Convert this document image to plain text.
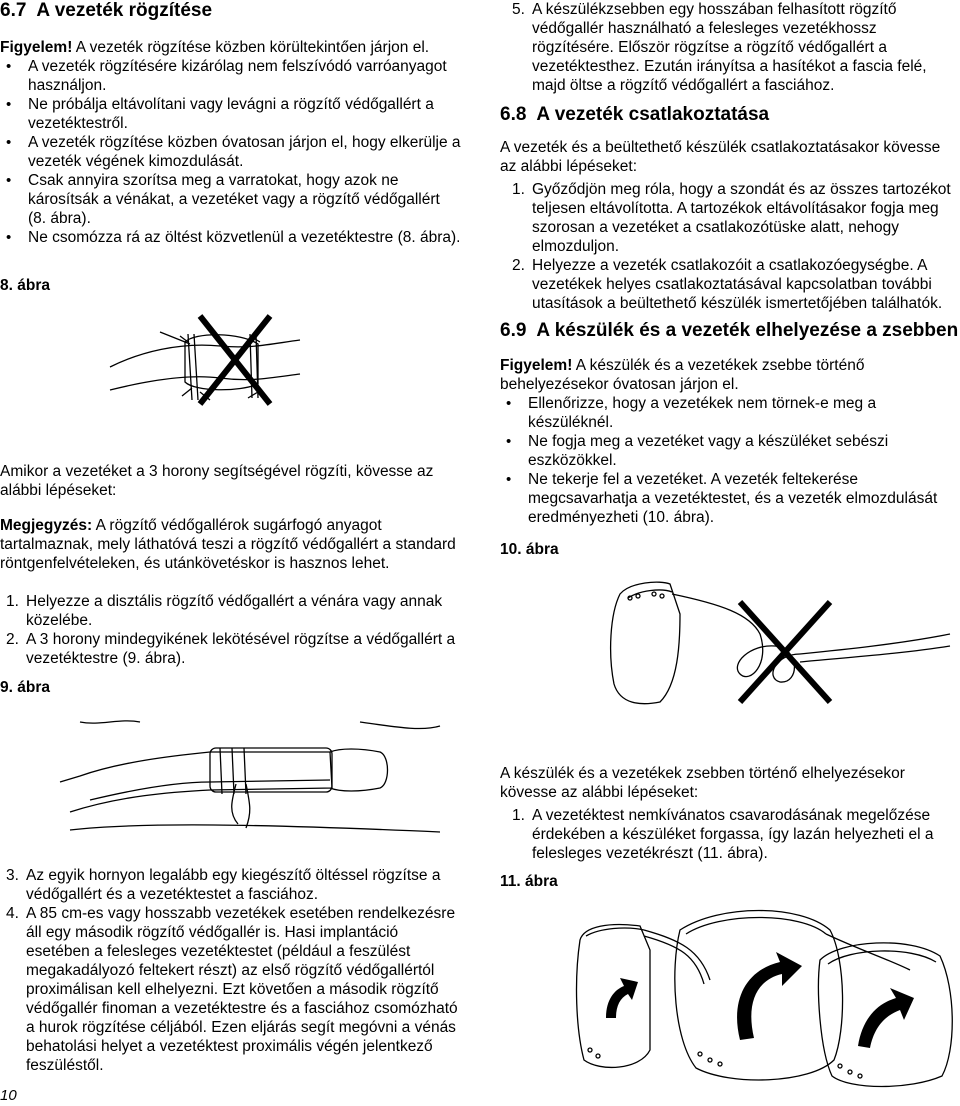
6.7 A vezeték rögzítése

Figyelem! A vezeték rögzítése közben körültekintően járjon el.

• A vezeték rögzítésére kizárólag nem felszívódó varróanyagot használjon.
• Ne próbálja eltávolítani vagy levágni a rögzítő védőgallért a vezetéktestről.
• A vezeték rögzítése közben óvatosan járjon el, hogy elkerülje a vezeték végének kimozdulását.
• Csak annyira szorítsa meg a varratokat, hogy azok ne károsítsák a vénákat, a vezetéket vagy a rögzítő védőgallért (8. ábra).
• Ne csomózza rá az öltést közvetlenül a vezetéktestre (8. ábra).
8. ábra

Amikor a vezetéket a 3 horony segítségével rögzíti, kövesse az alábbi lépéseket:

Megjegyzés: A rögzítő védőgallérok sugárfogó anyagot tartalmaznak, mely láthatóvá teszi a rögzítő védőgallért a standard röntgenfelvételeken, és utánkövetéskor is hasznos lehet.

1. Helyezze a disztális rögzítő védőgallért a vénára vagy annak közelébe.
2. A 3 horony mindegyikének lekötésével rögzítse a védőgallért a vezetéktestre (9. ábra).
9. ábra
3. Az egyik hornyon legalább egy kiegészítő öltéssel rögzítse a védőgallért és a vezetéktestet a fasciához.
4. A 85 cm-es vagy hosszabb vezetékek esetében rendelkezésre áll egy második rögzítő védőgallér is. Hasi implantáció esetében a felesleges vezetéktestet (például a feszülést megakadályozó feltekert részt) az első rögzítő védőgallértól proximálisan kell elhelyezni. Ezt követően a második rögzítő védőgallér finoman a vezetéktestre és a fasciához csomózható a hurok rögzítése céljából. Ezen eljárás segít megóvni a vénás behatolási helyet a vezetéktest proximális végén jelentkező feszüléstől.
5. A készülékzsebben egy hosszában felhasított rögzítő védőgallér használható a felesleges vezetékhossz rögzítésére. Először rögzítse a rögzítő védőgallért a vezetéktesthez. Ezután irányítsa a hasítékot a fascia felé, majd öltse a rögzítő védőgallért a fasciához.
6.8 A vezeték csatlakoztatása

A vezeték és a beültethető készülék csatlakoztatásakor kövesse az alábbi lépéseket:

1. Győződjön meg róla, hogy a szondát és az összes tartozékot teljesen eltávolította. A tartozékok eltávolításakor fogja meg szorosan a vezetéket a csatlakozótüske alatt, nehogy elmozduljon.
2. Helyezze a vezeték csatlakozóit a csatlakozóegységbe. A vezetékek helyes csatlakoztatásával kapcsolatban további utasítások a beültethető készülék ismertetőjében találhatók.
6.9 A készülék és a vezeték elhelyezése a zsebben

Figyelem! A készülék és a vezetékek zsebbe történő behelyezésekor óvatosan járjon el.

• Ellenőrizze, hogy a vezetékek nem törnek-e meg a készüléknél.
• Ne fogja meg a vezetéket vagy a készüléket sebészi eszközökkel.
• Ne tekerje fel a vezetéket. A vezeték feltekerése megcsavarhatja a vezetéktestet, és a vezeték elmozdulását eredményezheti (10. ábra).
10. ábra

A készülék és a vezetékek zsebben történő elhelyezésekor kövesse az alábbi lépéseket:

1. A vezetéktest nemkívánatos csavarodásának megelőzése érdekében a készüléket forgassa, így lazán helyezheti el a felesleges vezetékrészt (11. ábra).
11. ábra
10
